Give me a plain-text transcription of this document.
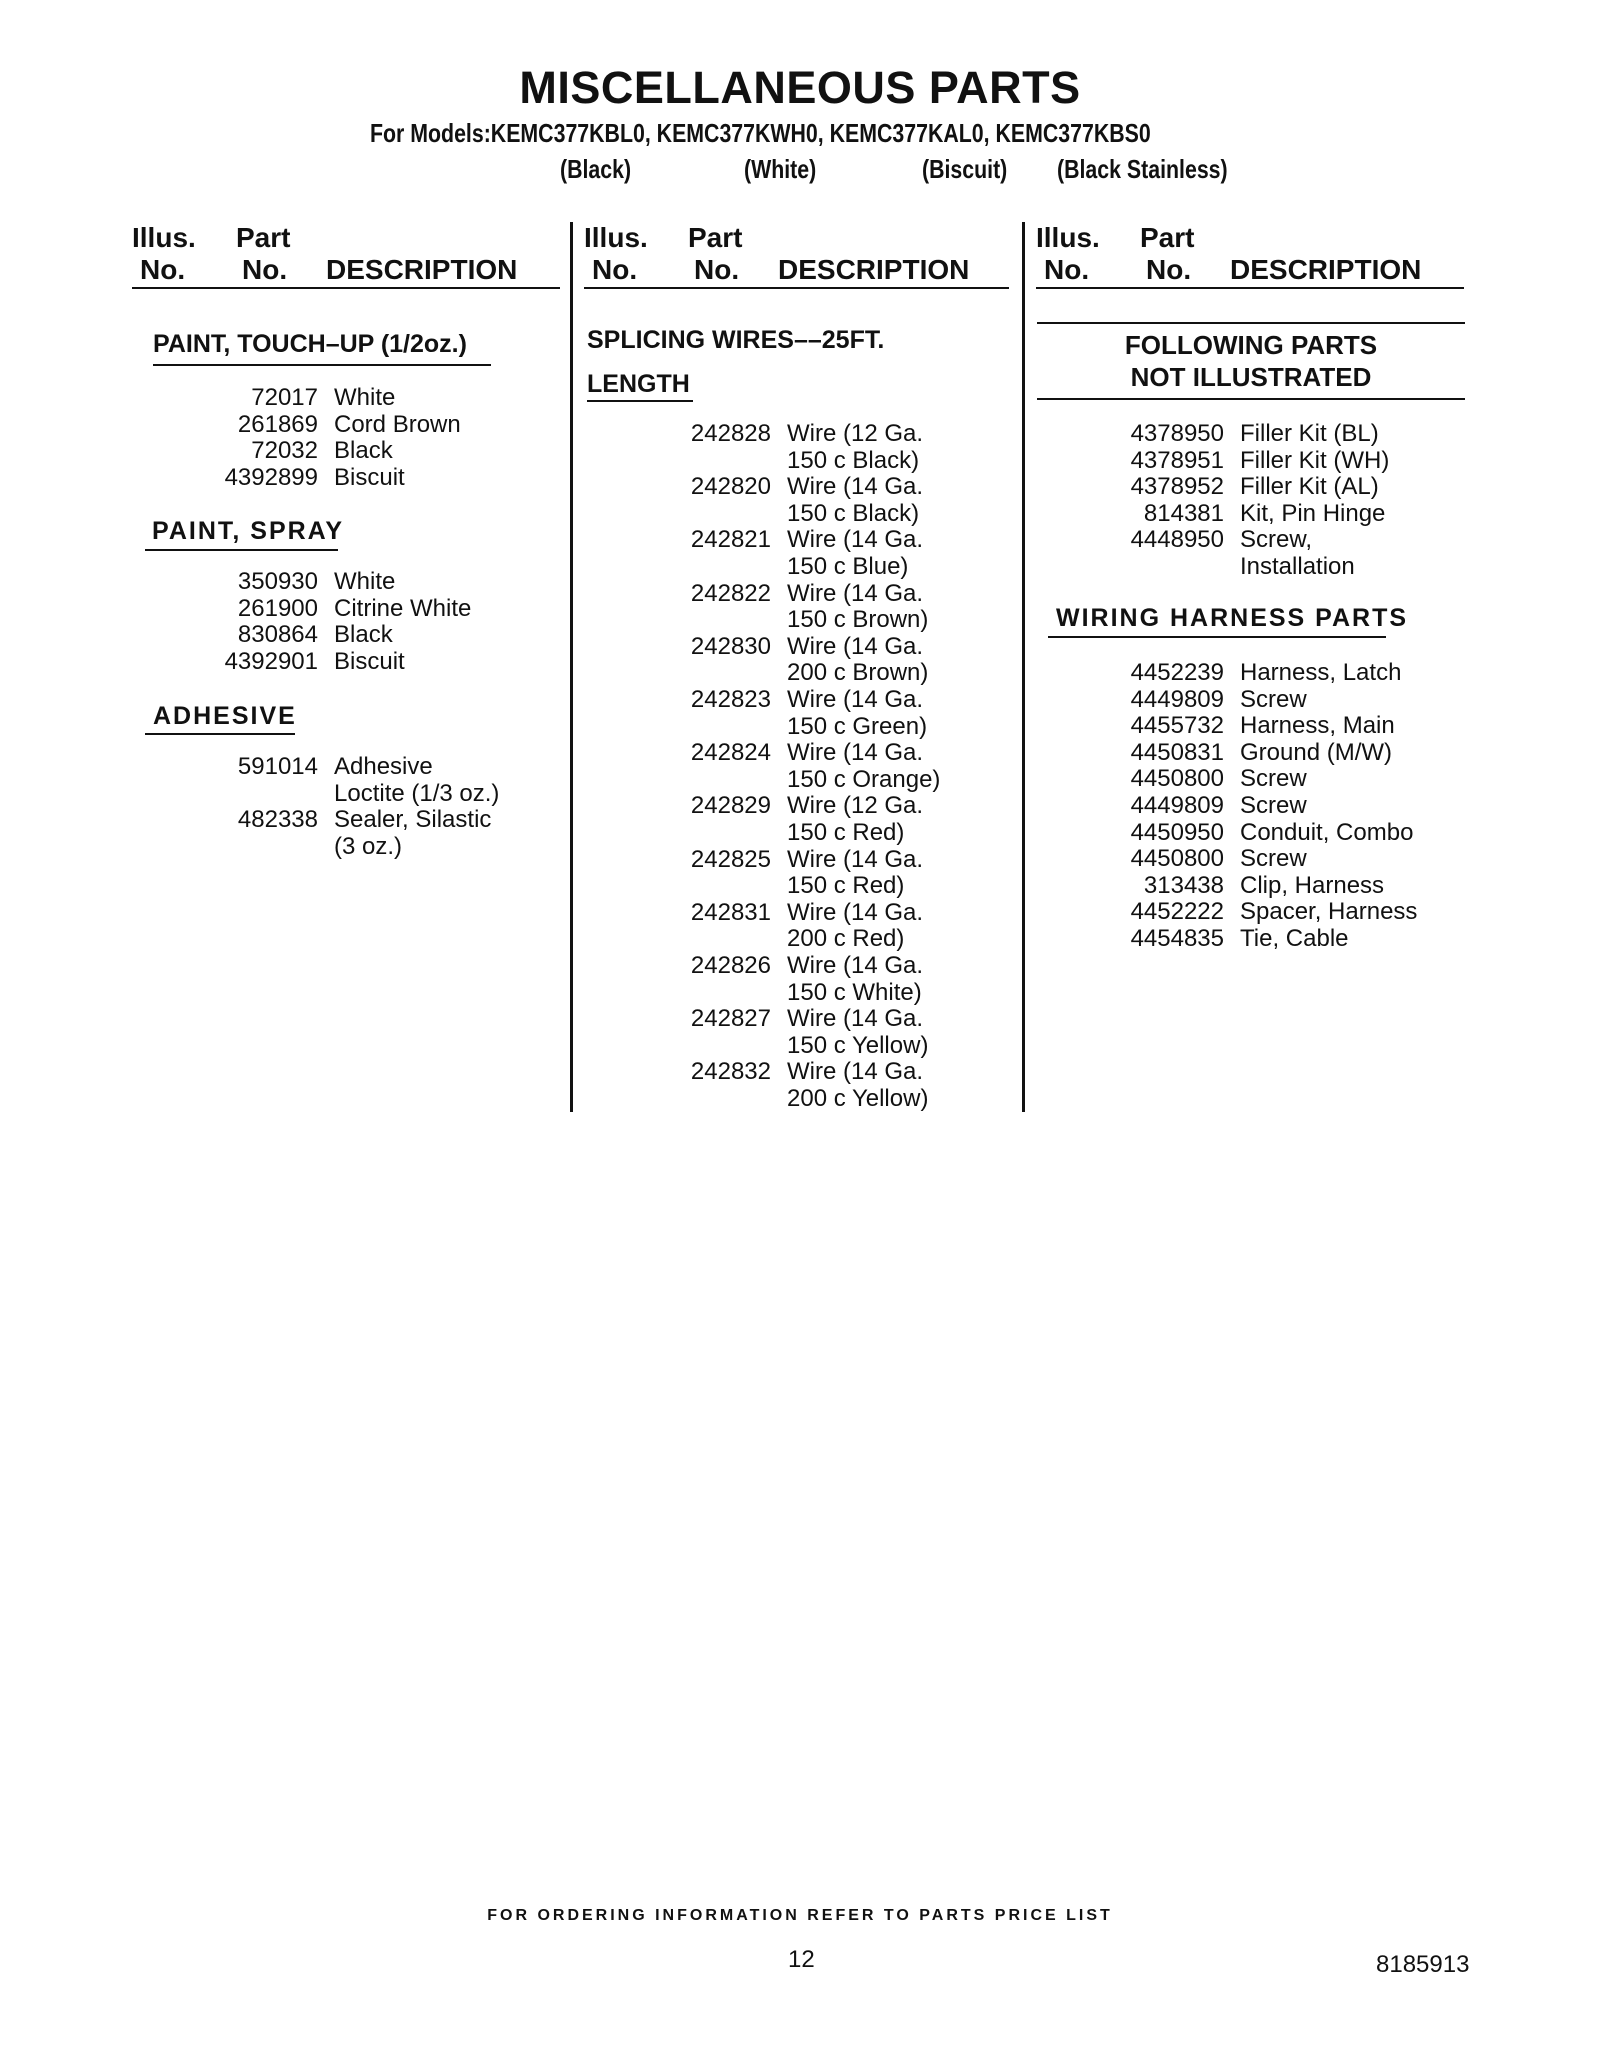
MISCELLANEOUS PARTS
For Models:KEMC377KBL0, KEMC377KWH0, KEMC377KAL0, KEMC377KBS0
(Black)	(White)	(Biscuit) (Black Stainless)
Illus. Part
No. No. DESCRIPTION
Illus. Part
No. No. DESCRIPTION
Illus. Part
No. No. DESCRIPTION
PAINT, TOUCH–UP (1/2oz.)
72017 White
261869 Cord Brown
72032 Black
4392899 Biscuit
PAINT, SPRAY
350930 White
261900 Citrine White
830864 Black
4392901 Biscuit
ADHESIVE
591014 Adhesive
Loctite (1/3 oz.)
482338 Sealer, Silastic
(3 oz.)
SPLICING WIRES––25FT.
LENGTH
242828 Wire (12 Ga.
150 c Black)
242820 Wire (14 Ga.
150 c Black)
242821 Wire (14 Ga.
150 c Blue)
242822 Wire (14 Ga.
150 c Brown)
242830 Wire (14 Ga.
200 c Brown)
242823 Wire (14 Ga.
150 c Green)
242824 Wire (14 Ga.
150 c Orange)
242829 Wire (12 Ga.
150 c Red)
242825 Wire (14 Ga.
150 c Red)
242831 Wire (14 Ga.
200 c Red)
242826 Wire (14 Ga.
150 c White)
242827 Wire (14 Ga.
150 c Yellow)
242832 Wire (14 Ga.
200 c Yellow)
FOLLOWING PARTS
NOT ILLUSTRATED
4378950 Filler Kit (BL)
4378951 Filler Kit (WH)
4378952 Filler Kit (AL)
814381 Kit, Pin Hinge
4448950 Screw,
Installation
WIRING HARNESS PARTS
4452239 Harness, Latch
4449809 Screw
4455732 Harness, Main
4450831 Ground (M/W)
4450800 Screw
4449809 Screw
4450950 Conduit, Combo
4450800 Screw
313438 Clip, Harness
4452222 Spacer, Harness
4454835 Tie, Cable
FOR ORDERING INFORMATION REFER TO PARTS PRICE LIST
12	8185913
